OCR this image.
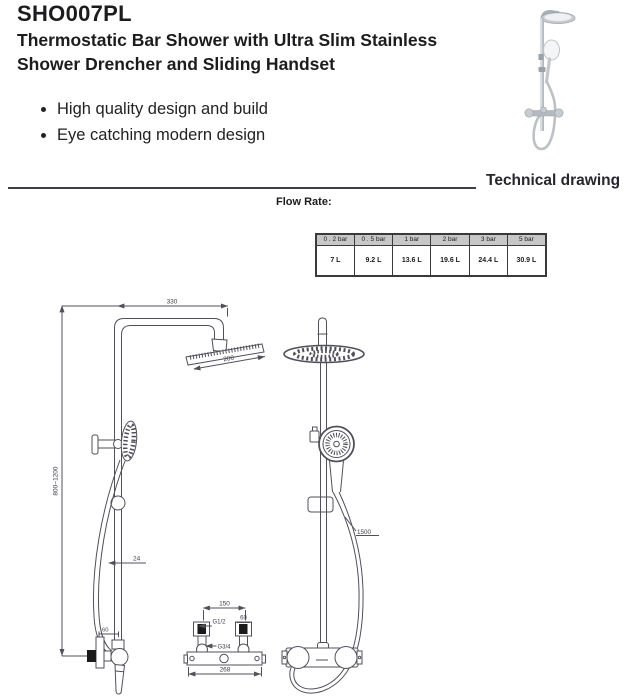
SHO007PL
Thermostatic Bar Shower with Ultra Slim Stainless
Shower Drencher and Sliding Handset
• High quality design and build
• Eye catching modern design
Technical drawing
Flow Rate:
0 . 2 bar	0 . 5 bar	1 bar	2 bar	3 bar	5 bar
7 L	9.2 L	13.6 L	19.6 L	24.4 L	30.9 L
330
800~1200
200
24
60
1500
150
G1/2
60
G3/4
268
